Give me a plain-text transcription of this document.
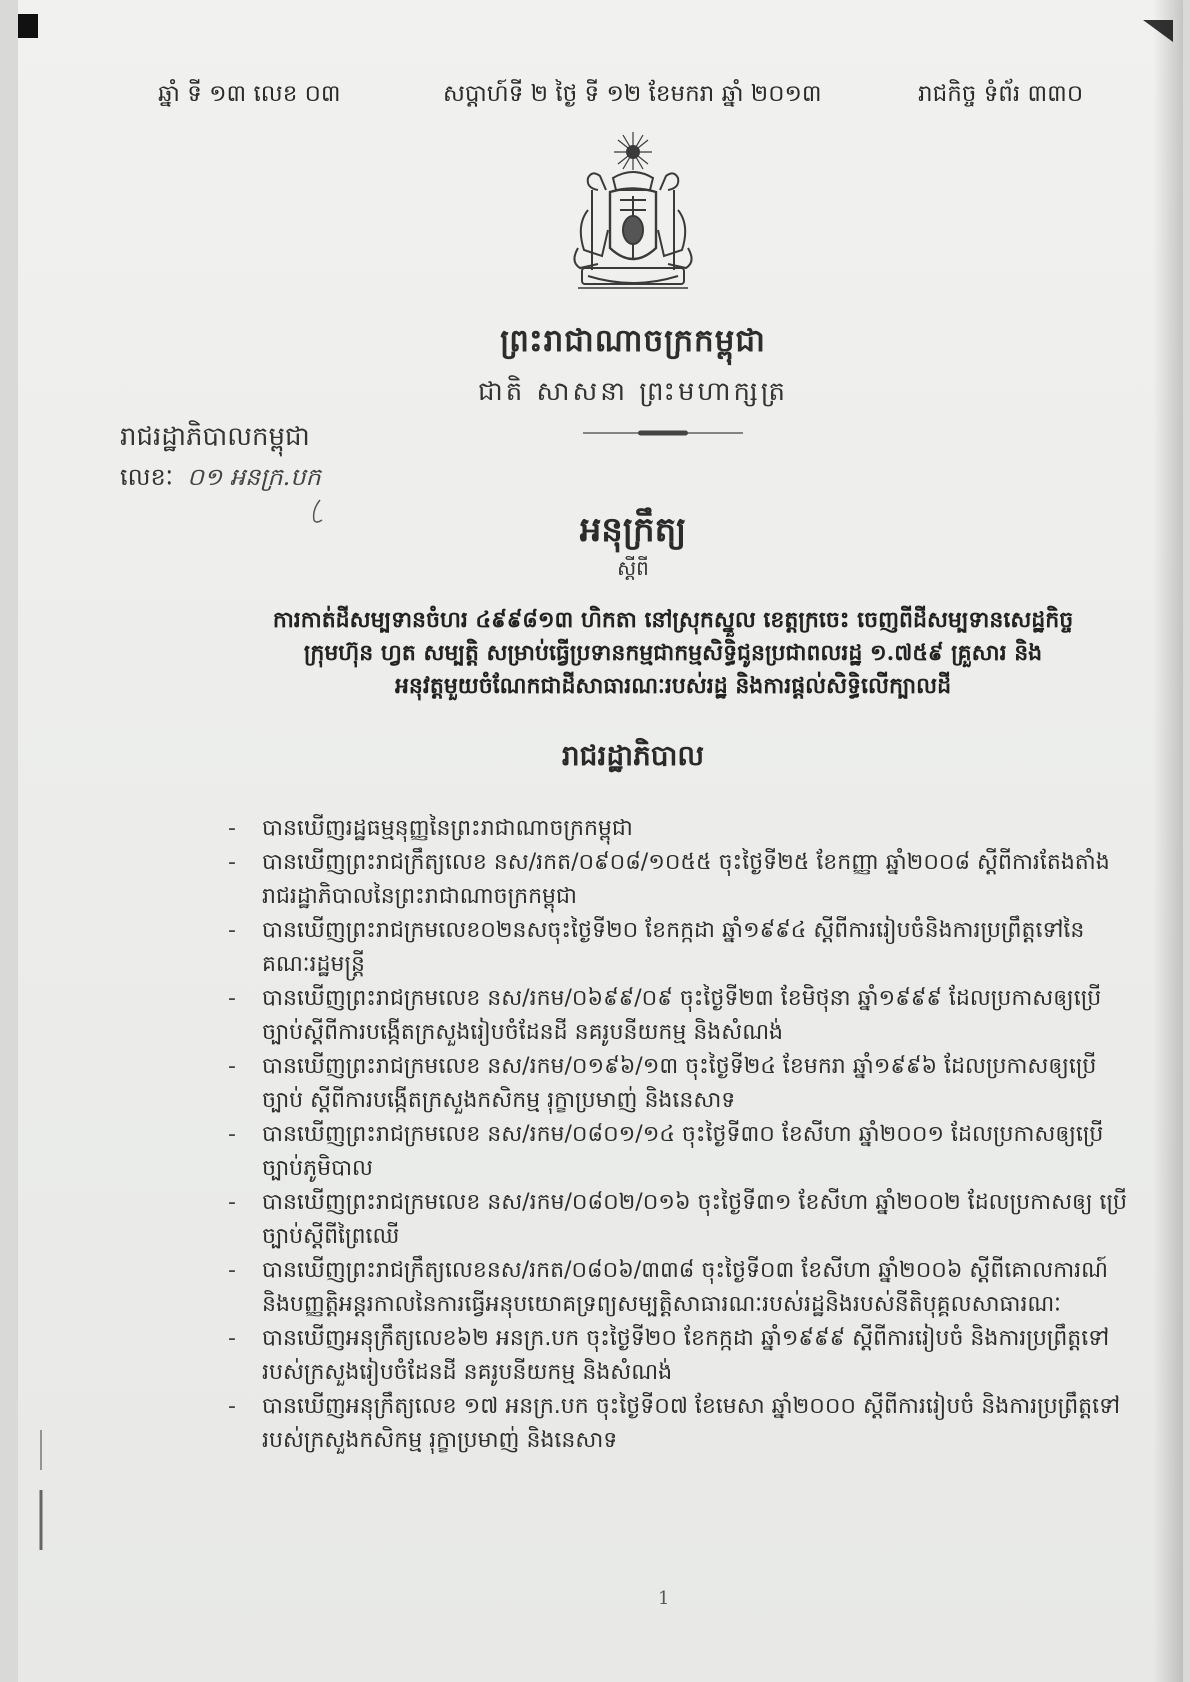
ឆ្នាំ ទី ១៣ លេខ ០៣	សប្តាហ៍ទី ២ ថ្ងៃ ទី ១២ ខែមករា ឆ្នាំ ២០១៣	រាជកិច្ច ទំព័រ ៣៣០
ព្រះរាជាណាចក្រកម្ពុជា
ជាតិ សាសនា ព្រះមហាក្សត្រ
រាជរដ្ឋាភិបាលកម្ពុជា
លេខៈ ០១ អនក្រ.បក
អនុក្រឹត្យ
ស្តីពី
ការកាត់ដីសម្បទានចំហរ ៤៩៩៨១៣ ហិកតា នៅស្រុកស្នួល ខេត្តក្រចេះ ចេញពីដីសម្បទានសេដ្ឋកិច្ច
ក្រុមហ៊ុន ហ្វត សម្បត្តិ សម្រាប់ធ្វើប្រទានកម្មជាកម្មសិទ្ធិជូនប្រជាពលរដ្ឋ ១.៧៥៩ គ្រួសារ និង
អនុវត្តមួយចំណែកជាដីសាធារណៈរបស់រដ្ឋ និងការផ្តល់សិទ្ធិលើក្បាលដី
រាជរដ្ឋាភិបាល
- បានឃើញរដ្ឋធម្មនុញ្ញនៃព្រះរាជាណាចក្រកម្ពុជា
- បានឃើញព្រះរាជក្រឹត្យលេខ នស/រកត/០៩០៨/១០៥៥ ចុះថ្ងៃទី២៥ ខែកញ្ញា ឆ្នាំ២០០៨ ស្តីពីការតែងតាំងរាជរដ្ឋាភិបាលនៃព្រះរាជាណាចក្រកម្ពុជា
- បានឃើញព្រះរាជក្រមលេខ០២នសចុះថ្ងៃទី២០ ខែកក្កដា ឆ្នាំ១៩៩៤ ស្តីពីការរៀបចំនិងការប្រព្រឹត្តទៅនៃគណៈរដ្ឋមន្ត្រី
- បានឃើញព្រះរាជក្រមលេខ នស/រកម/០៦៩៩/០៩ ចុះថ្ងៃទី២៣ ខែមិថុនា ឆ្នាំ១៩៩៩ ដែលប្រកាសឲ្យប្រើច្បាប់ស្តីពីការបង្កើតក្រសួងរៀបចំដែនដី នគរូបនីយកម្ម និងសំណង់
- បានឃើញព្រះរាជក្រមលេខ នស/រកម/០១៩៦/១៣ ចុះថ្ងៃទី២៤ ខែមករា ឆ្នាំ១៩៩៦ ដែលប្រកាសឲ្យប្រើច្បាប់ ស្តីពីការបង្កើតក្រសួងកសិកម្ម រុក្ខាប្រមាញ់ និងនេសាទ
- បានឃើញព្រះរាជក្រមលេខ នស/រកម/០៨០១/១៤ ចុះថ្ងៃទី៣០ ខែសីហា ឆ្នាំ២០០១ ដែលប្រកាសឲ្យប្រើច្បាប់ភូមិបាល
- បានឃើញព្រះរាជក្រមលេខ នស/រកម/០៨០២/០១៦ ចុះថ្ងៃទី៣១ ខែសីហា ឆ្នាំ២០០២ ដែលប្រកាសឲ្យ ប្រើច្បាប់ស្តីពីព្រៃឈើ
- បានឃើញព្រះរាជក្រឹត្យលេខនស/រកត/០៨០៦/៣៣៨ ចុះថ្ងៃទី០៣ ខែសីហា ឆ្នាំ២០០៦ ស្តីពីគោលការណ៍ និងបញ្ញត្តិអន្តរកាលនៃការធ្វើអនុបយោគទ្រព្យសម្បត្តិសាធារណៈរបស់រដ្ឋនិងរបស់នីតិបុគ្គលសាធារណៈ
- បានឃើញអនុក្រឹត្យលេខ៦២ អនក្រ.បក ចុះថ្ងៃទី២០ ខែកក្កដា ឆ្នាំ១៩៩៩ ស្តីពីការរៀបចំ និងការប្រព្រឹត្តទៅរបស់ក្រសួងរៀបចំដែនដី នគរូបនីយកម្ម និងសំណង់
- បានឃើញអនុក្រឹត្យលេខ ១៧ អនក្រ.បក ចុះថ្ងៃទី០៧ ខែមេសា ឆ្នាំ២០០០ ស្តីពីការរៀបចំ និងការប្រព្រឹត្តទៅរបស់ក្រសួងកសិកម្ម រុក្ខាប្រមាញ់ និងនេសាទ
1
